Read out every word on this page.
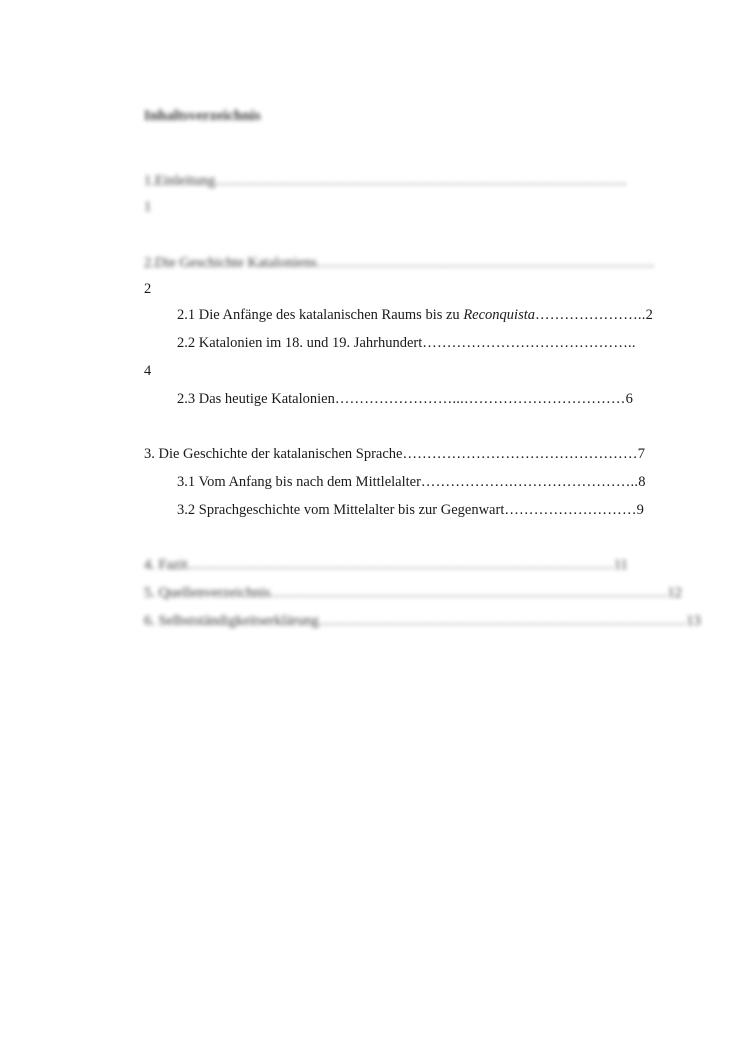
Inhaltsverzeichnis
1.Einleitung…………………………………………………………………………
1
2.Die Geschichte Kataloniens……………………………………………………………
2
2.1 Die Anfänge des katalanischen Raums bis zu Reconquista…………………..2
2.2 Katalonien im 18. und 19. Jahrhundert……………………………………..
4
2.3 Das heutige Katalonien……………………...……………………………6
3. Die Geschichte der katalanischen Sprache…………………………………………7
3.1 Vom Anfang bis nach dem Mittlelalter……………….……………………..8
3.2 Sprachgeschichte vom Mittelalter bis zur Gegenwart………………………9
4. Fazit……………………………………………………………………………11
5. Quellenverzeichnis………………………………………………………………………12
6. Selbstständigkeitserklärung…………………………………………………………………13
